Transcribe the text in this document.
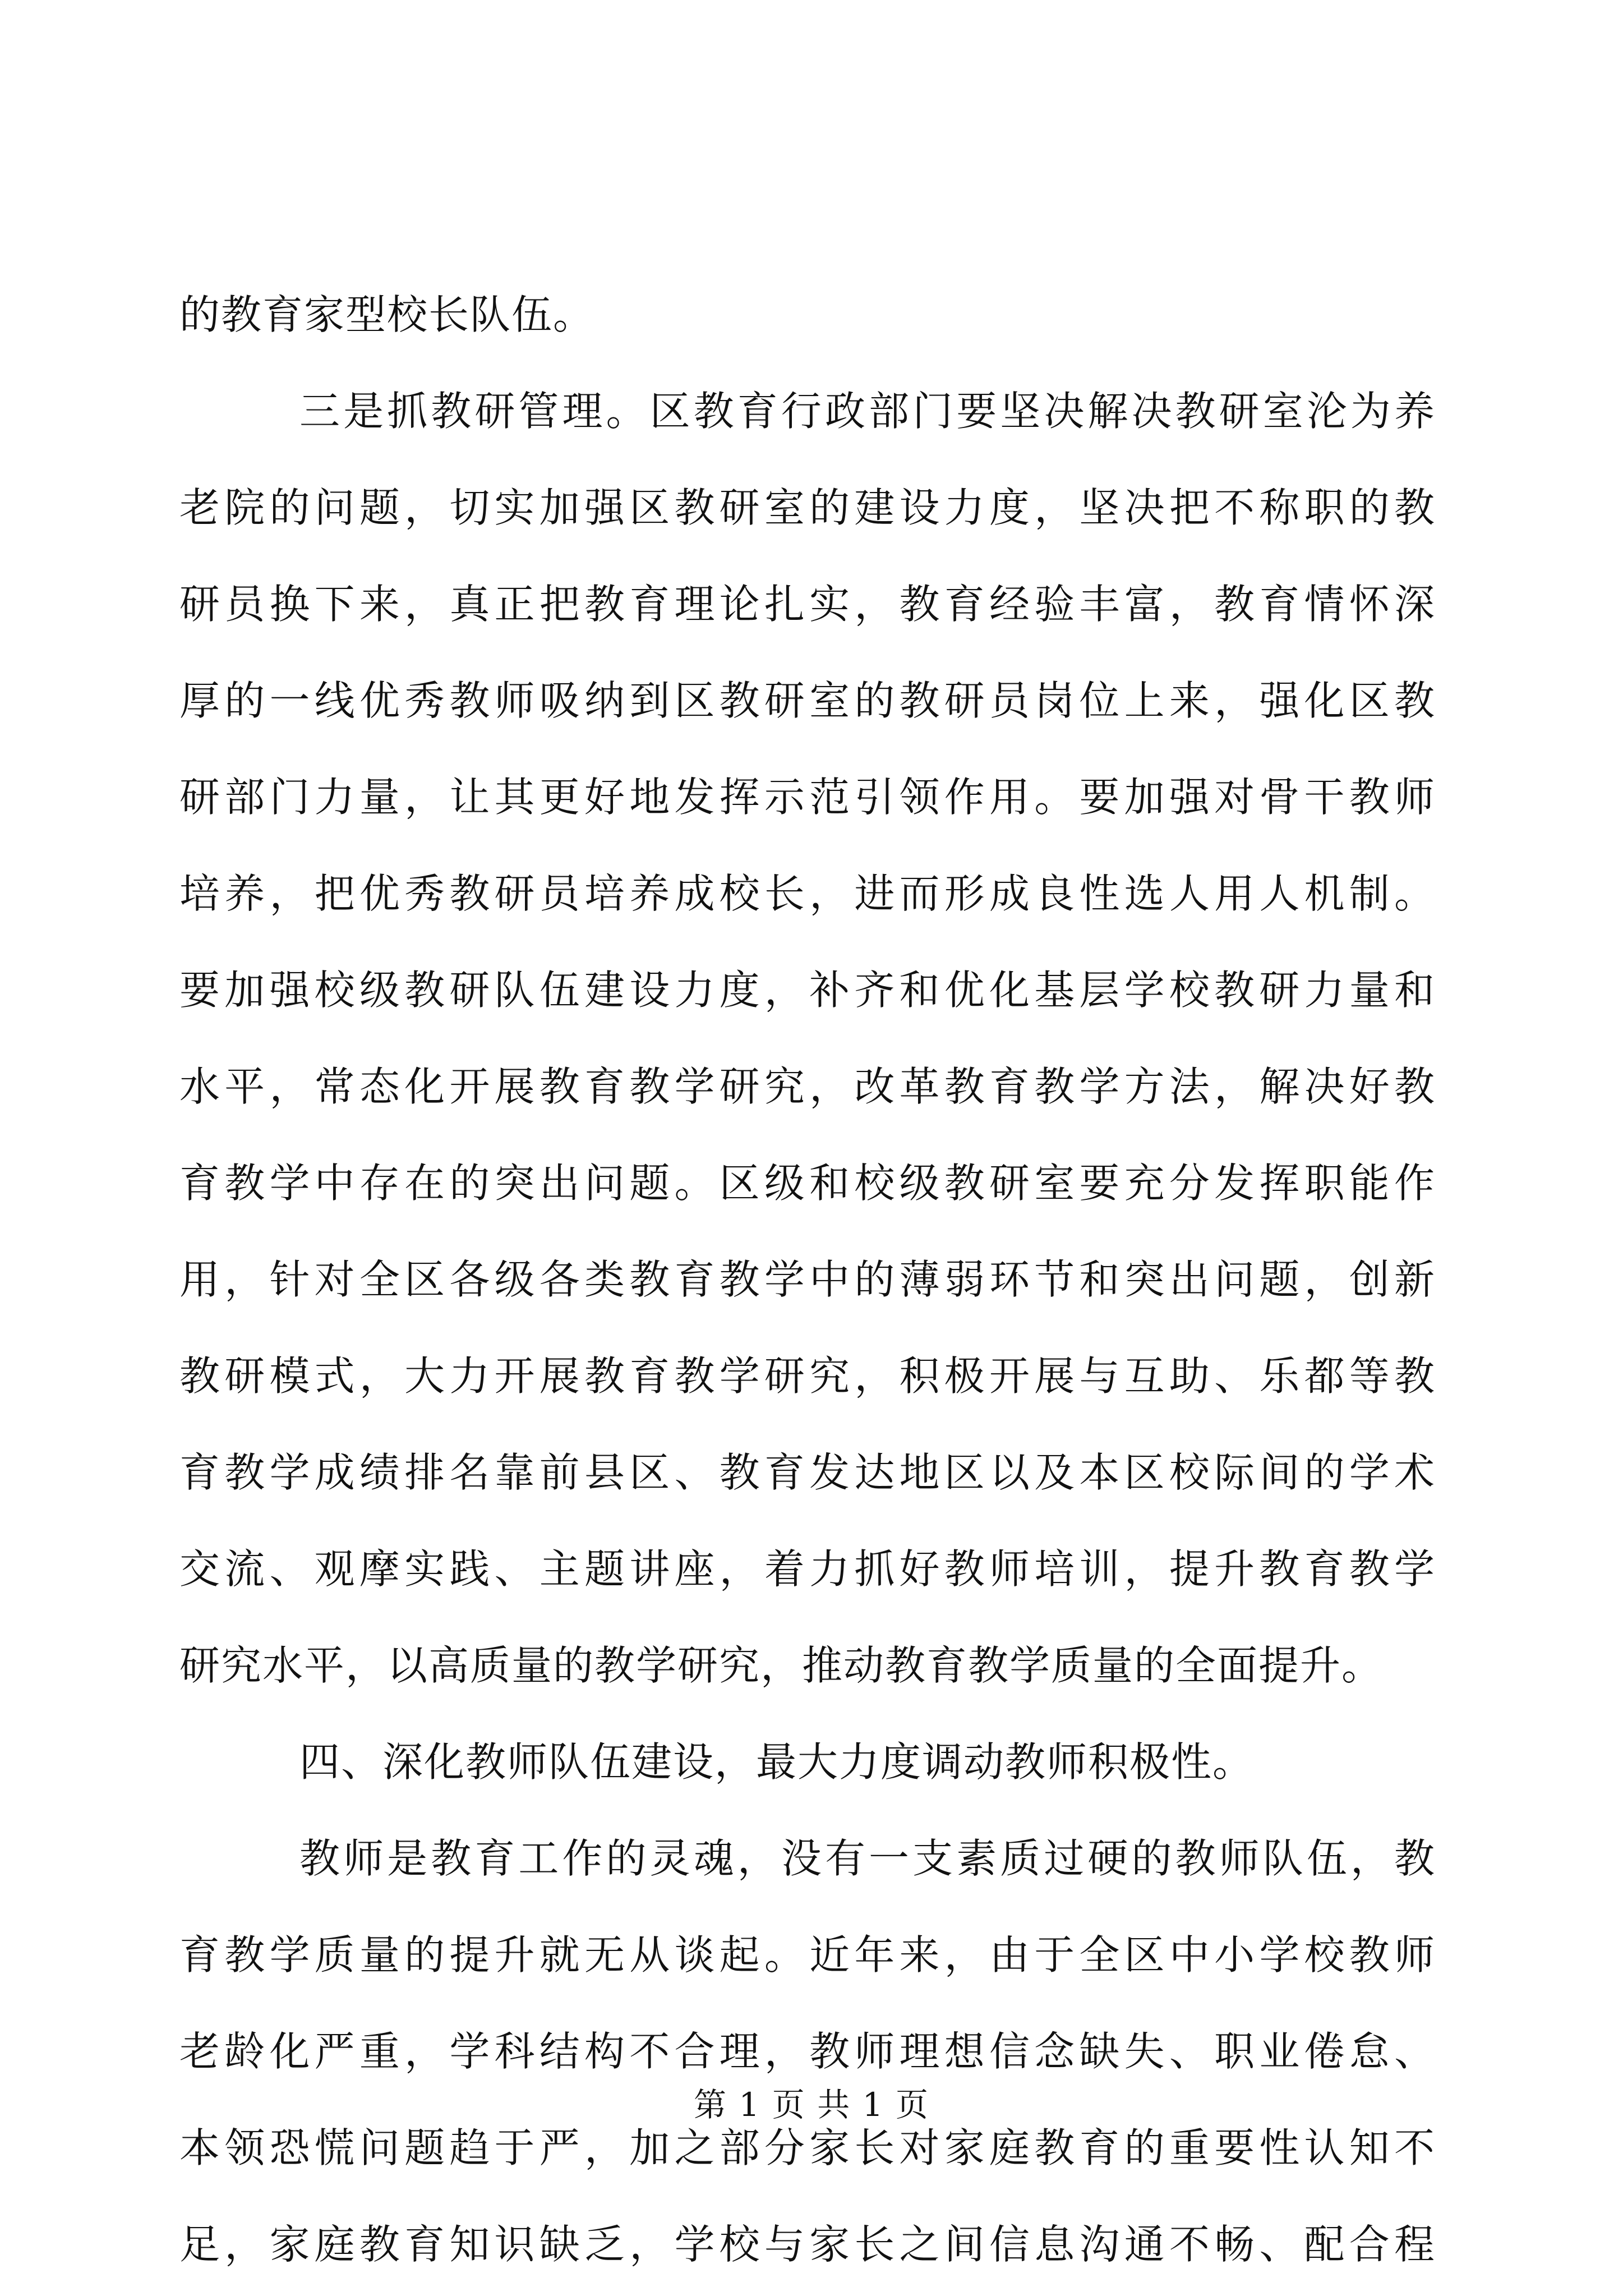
的教育家型校长队伍。
三是抓教研管理。区教育行政部门要坚决解决教研室沦为养
老院的问题，切实加强区教研室的建设力度，坚决把不称职的教
研员换下来，真正把教育理论扎实，教育经验丰富，教育情怀深
厚的一线优秀教师吸纳到区教研室的教研员岗位上来，强化区教
研部门力量，让其更好地发挥示范引领作用。要加强对骨干教师
培养，把优秀教研员培养成校长，进而形成良性选人用人机制。
要加强校级教研队伍建设力度，补齐和优化基层学校教研力量和
水平，常态化开展教育教学研究，改革教育教学方法，解决好教
育教学中存在的突出问题。区级和校级教研室要充分发挥职能作
用，针对全区各级各类教育教学中的薄弱环节和突出问题，创新
教研模式，大力开展教育教学研究，积极开展与互助、乐都等教
育教学成绩排名靠前县区、教育发达地区以及本区校际间的学术
交流、观摩实践、主题讲座，着力抓好教师培训，提升教育教学
研究水平，以高质量的教学研究，推动教育教学质量的全面提升。
四、深化教师队伍建设，最大力度调动教师积极性。
教师是教育工作的灵魂，没有一支素质过硬的教师队伍，教
育教学质量的提升就无从谈起。近年来，由于全区中小学校教师
老龄化严重，学科结构不合理，教师理想信念缺失、职业倦怠、
本领恐慌问题趋于严，加之部分家长对家庭教育的重要性认知不
足，家庭教育知识缺乏，学校与家长之间信息沟通不畅、配合程
第 1 页 共 1 页
